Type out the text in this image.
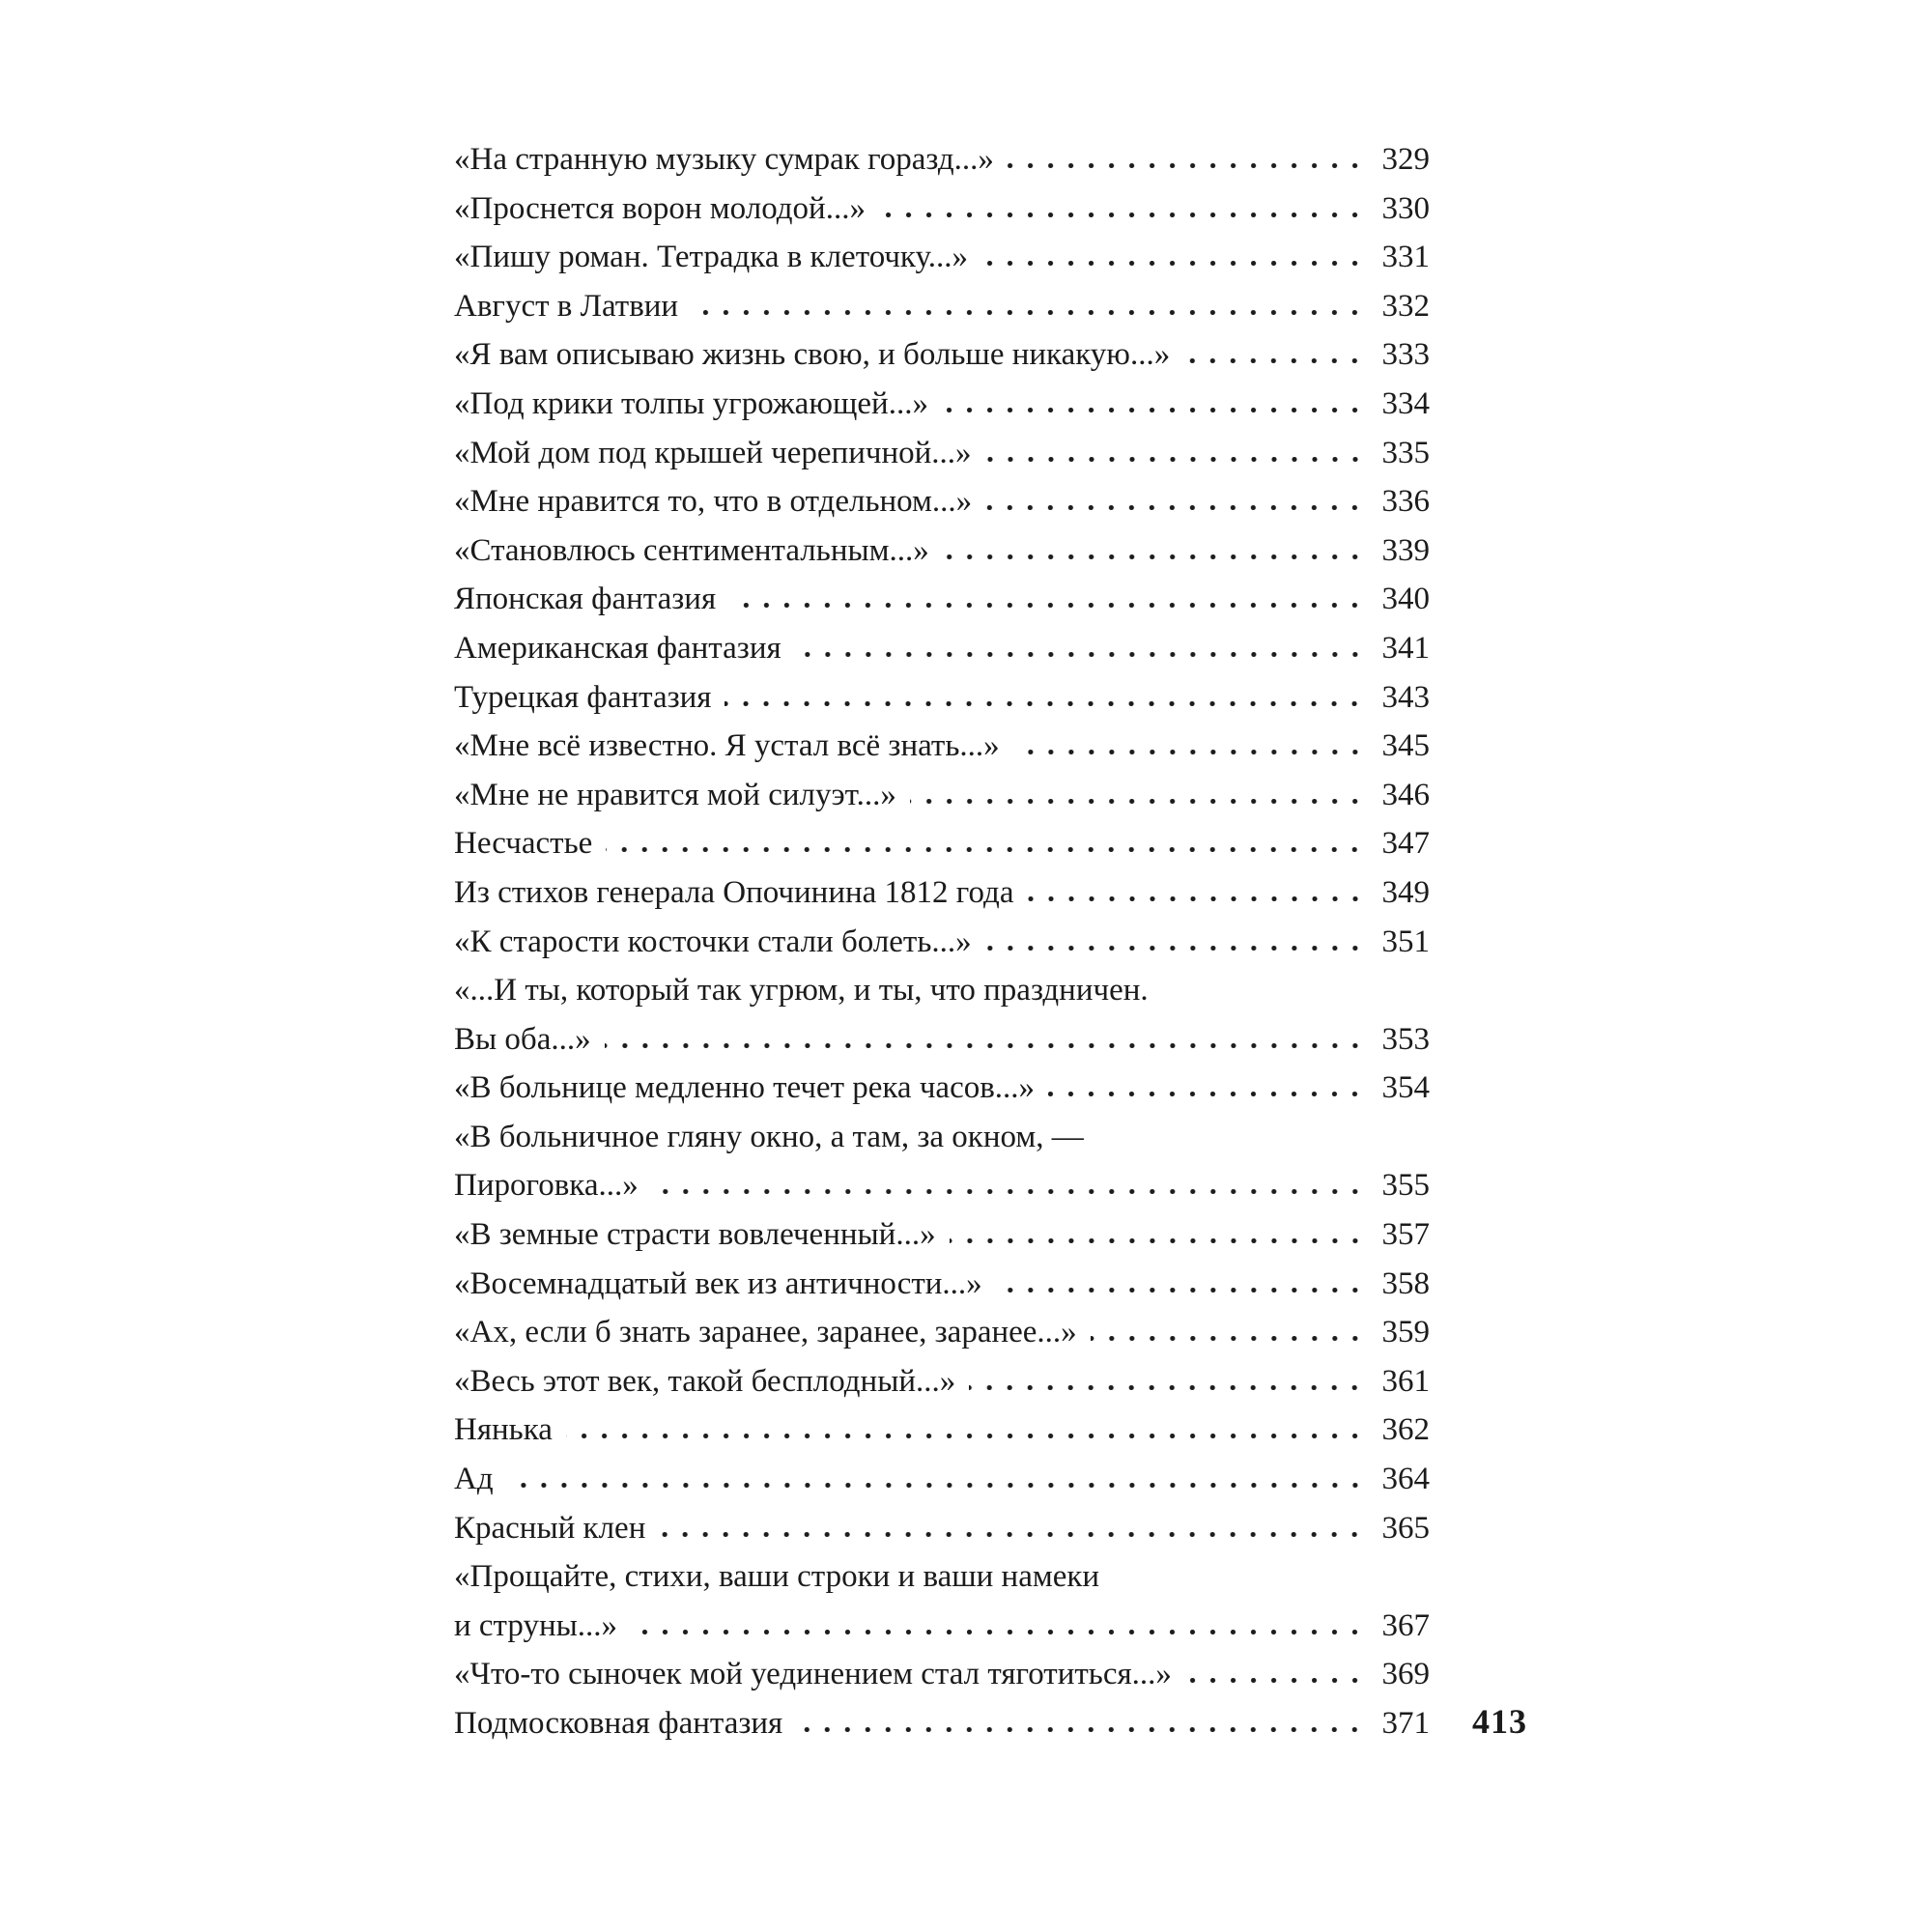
«На странную музыку сумрак горазд...»	329
«Проснется ворон молодой...»	330
«Пишу роман. Тетрадка в клеточку...»	331
Август в Латвии	332
«Я вам описываю жизнь свою, и больше никакую...»	333
«Под крики толпы угрожающей...»	334
«Мой дом под крышей черепичной...»	335
«Мне нравится то, что в отдельном...»	336
«Становлюсь сентиментальным...»	339
Японская фантазия	340
Американская фантазия	341
Турецкая фантазия	343
«Мне всё известно. Я устал всё знать...»	345
«Мне не нравится мой силуэт...»	346
Несчастье	347
Из стихов генерала Опочинина 1812 года	349
«К старости косточки стали болеть...»	351
«...И ты, который так угрюм, и ты, что праздничен.
Вы оба...»	353
«В больнице медленно течет река часов...»	354
«В больничное гляну окно, а там, за окном, —
Пироговка...»	355
«В земные страсти вовлеченный...»	357
«Восемнадцатый век из античности...»	358
«Ах, если б знать заранее, заранее, заранее...»	359
«Весь этот век, такой бесплодный...»	361
Нянька	362
Ад	364
Красный клен	365
«Прощайте, стихи, ваши строки и ваши намеки
и струны...»	367
«Что-то сыночек мой уединением стал тяготиться...»	369
Подмосковная фантазия	371 413
